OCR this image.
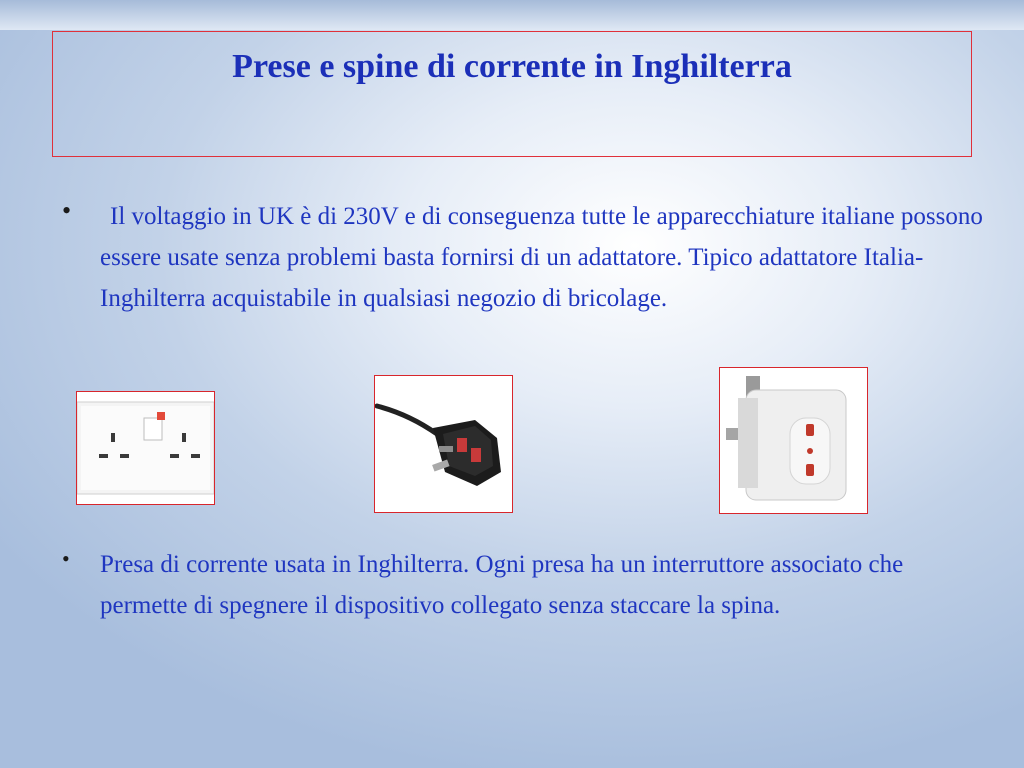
Prese e spine di corrente in Inghilterra
•	Il voltaggio in UK è di 230V e di conseguenza tutte le apparecchiature italiane possono essere usate senza problemi basta fornirsi di un adattatore. Tipico adattatore Italia-Inghilterra acquistabile in qualsiasi negozio di bricolage.

• Presa di corrente usata in Inghilterra. Ogni presa ha un interruttore associato che permette di spegnere il dispositivo collegato senza staccare la spina.
